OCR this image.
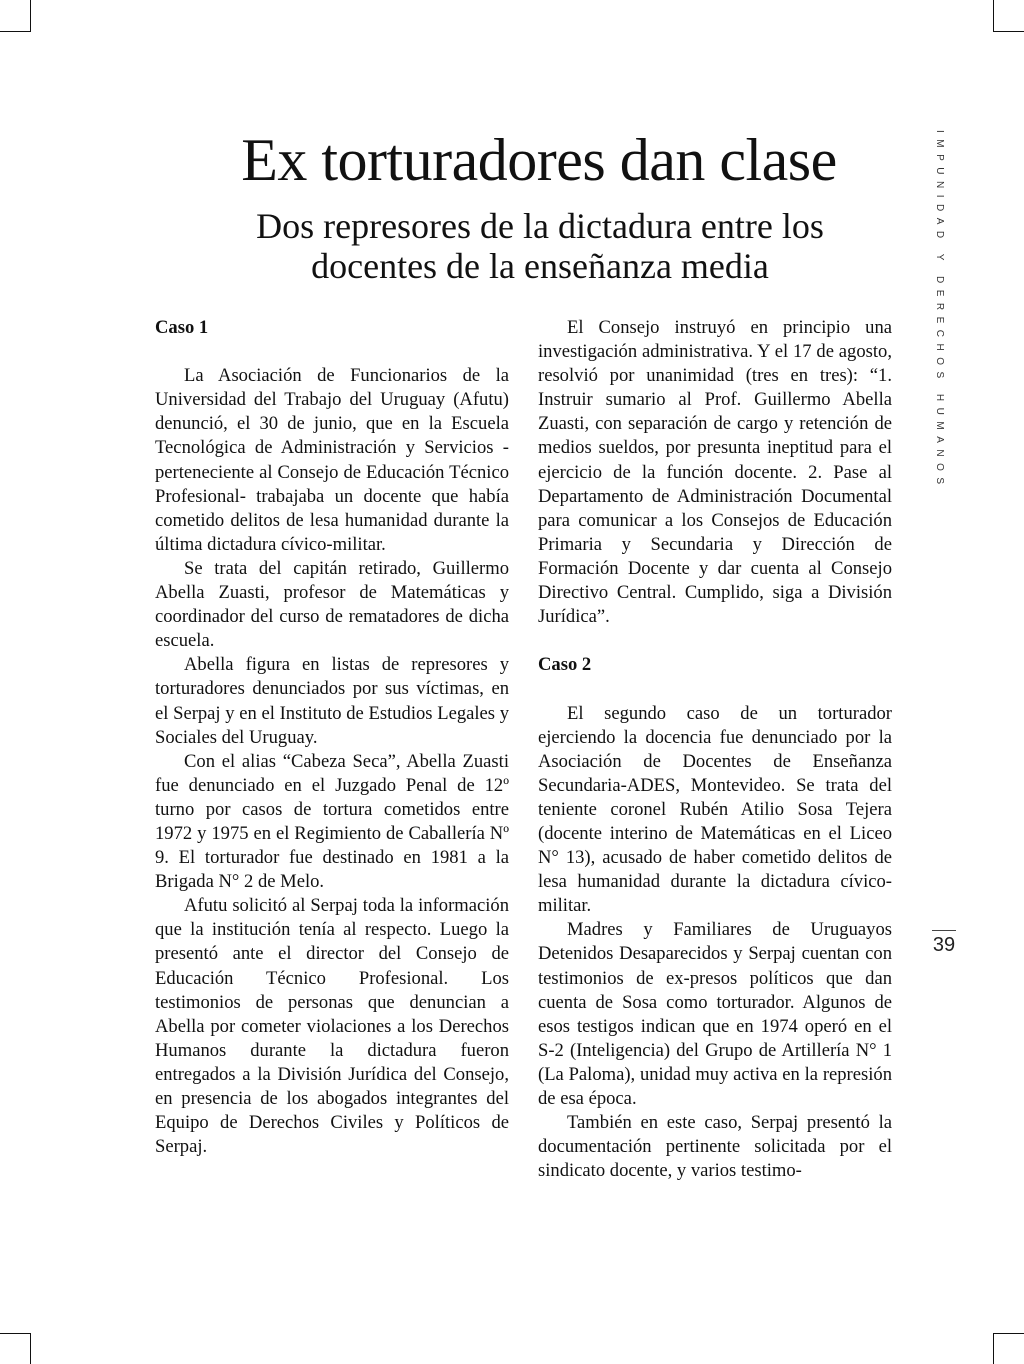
Ex torturadores dan clase
Dos represores de la dictadura entre los docentes de la enseñanza media	IMPUNIDAD Y DERECHOS HUMANOS
Caso 1

La Asociación de Funcionarios de la Universidad del Trabajo del Uruguay (Afutu) denunció, el 30 de junio, que en la Escuela Tecnológica de Administración y Servicios -perteneciente al Consejo de Educación Técnico Profesional- trabajaba un docente que había cometido delitos de lesa humanidad durante la última dictadura cívico-militar.

Se trata del capitán retirado, Guillermo Abella Zuasti, profesor de Matemáticas y coordinador del curso de rematadores de dicha escuela.

Abella figura en listas de represores y torturadores denunciados por sus víctimas, en el Serpaj y en el Instituto de Estudios Legales y Sociales del Uruguay.

Con el alias “Cabeza Seca”, Abella Zuasti fue denunciado en el Juzgado Penal de 12º turno por casos de tortura cometidos entre 1972 y 1975 en el Regimiento de Caballería Nº 9. El torturador fue destinado en 1981 a la Brigada N° 2 de Melo.

Afutu solicitó al Serpaj toda la información que la institución tenía al respecto. Luego la presentó ante el director del Consejo de Educación Técnico Profesional. Los testimonios de personas que denuncian a Abella por cometer violaciones a los Derechos Humanos durante la dictadura fueron entregados a la División Jurídica del Consejo, en presencia de los abogados integrantes del Equipo de Derechos Civiles y Políticos de Serpaj.

El Consejo instruyó en principio una investigación administrativa. Y el 17 de agosto, resolvió por unanimidad (tres en tres): “1. Instruir sumario al Prof. Guillermo Abella Zuasti, con separación de cargo y retención de medios sueldos, por presunta ineptitud para el ejercicio de la función docente. 2. Pase al Departamento de Administración Documental para comunicar a los Consejos de Educación Primaria y Secundaria y Dirección de Formación Docente y dar cuenta al Consejo Directivo Central. Cumplido, siga a División Jurídica”.

Caso 2

El segundo caso de un torturador ejerciendo la docencia fue denunciado por la Asociación de Docentes de Enseñanza Secundaria-ADES, Montevideo. Se trata del teniente coronel Rubén Atilio Sosa Tejera (docente interino de Matemáticas en el Liceo N° 13), acusado de haber cometido delitos de lesa humanidad durante la dictadura cívico-militar.

Madres y Familiares de Uruguayos Detenidos Desaparecidos y Serpaj cuentan con testimonios de ex-presos políticos que dan cuenta de Sosa como torturador. Algunos de esos testigos indican que en 1974 operó en el S-2 (Inteligencia) del Grupo de Artillería N° 1 (La Paloma), unidad muy activa en la represión de esa época.

También en este caso, Serpaj presentó la documentación pertinente solicitada por el sindicato docente, y varios testimo-

39
